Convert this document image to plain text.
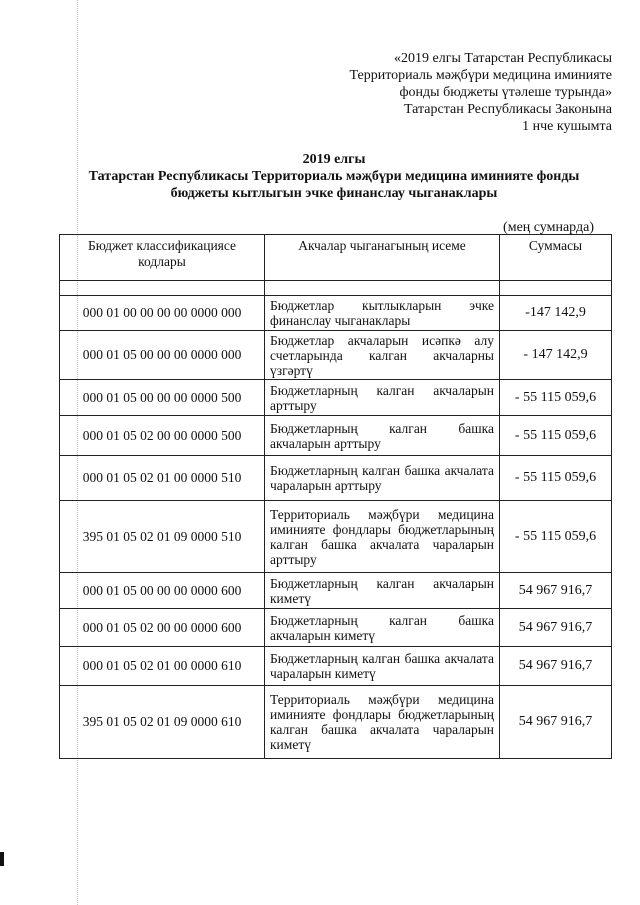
«2019 елгы Татарстан Республикасы
Территориаль мәҗбүри медицина иминияте
фонды бюджеты үтәлеше турында»
Татарстан Республикасы Законына
1 нче кушымта
2019 елгы
Татарстан Республикасы Территориаль мәҗбүри медицина иминияте фонды
бюджеты кытлыгын эчке финанслау чыганаклары
(мең сумнарда)
Бюджет классификациясе кодлары	Акчалар чыганагының исеме	Суммасы

000 01 00 00 00 00 0000 000	Бюджетлар кытлыкларын эчке финанслау чыганаклары	-147 142,9
000 01 05 00 00 00 0000 000	Бюджетлар акчаларын исәпкә алу счетларында калган акчаларны үзгәртү	- 147 142,9
000 01 05 00 00 00 0000 500	Бюджетларның калган акчаларын арттыру	- 55 115 059,6
000 01 05 02 00 00 0000 500	Бюджетларның калган башка акчаларын арттыру	- 55 115 059,6
000 01 05 02 01 00 0000 510	Бюджетларның калган башка акчалата чараларын арттыру	- 55 115 059,6
395 01 05 02 01 09 0000 510	Территориаль мәҗбүри медицина иминияте фондлары бюджетларының калган башка акчалата чараларын арттыру	- 55 115 059,6
000 01 05 00 00 00 0000 600	Бюджетларның калган акчаларын киметү	54 967 916,7
000 01 05 02 00 00 0000 600	Бюджетларның калган башка акчаларын киметү	54 967 916,7
000 01 05 02 01 00 0000 610	Бюджетларның калган башка акчалата чараларын киметү	54 967 916,7
395 01 05 02 01 09 0000 610	Территориаль мәҗбүри медицина иминияте фондлары бюджетларының калган башка акчалата чараларын киметү	54 967 916,7
